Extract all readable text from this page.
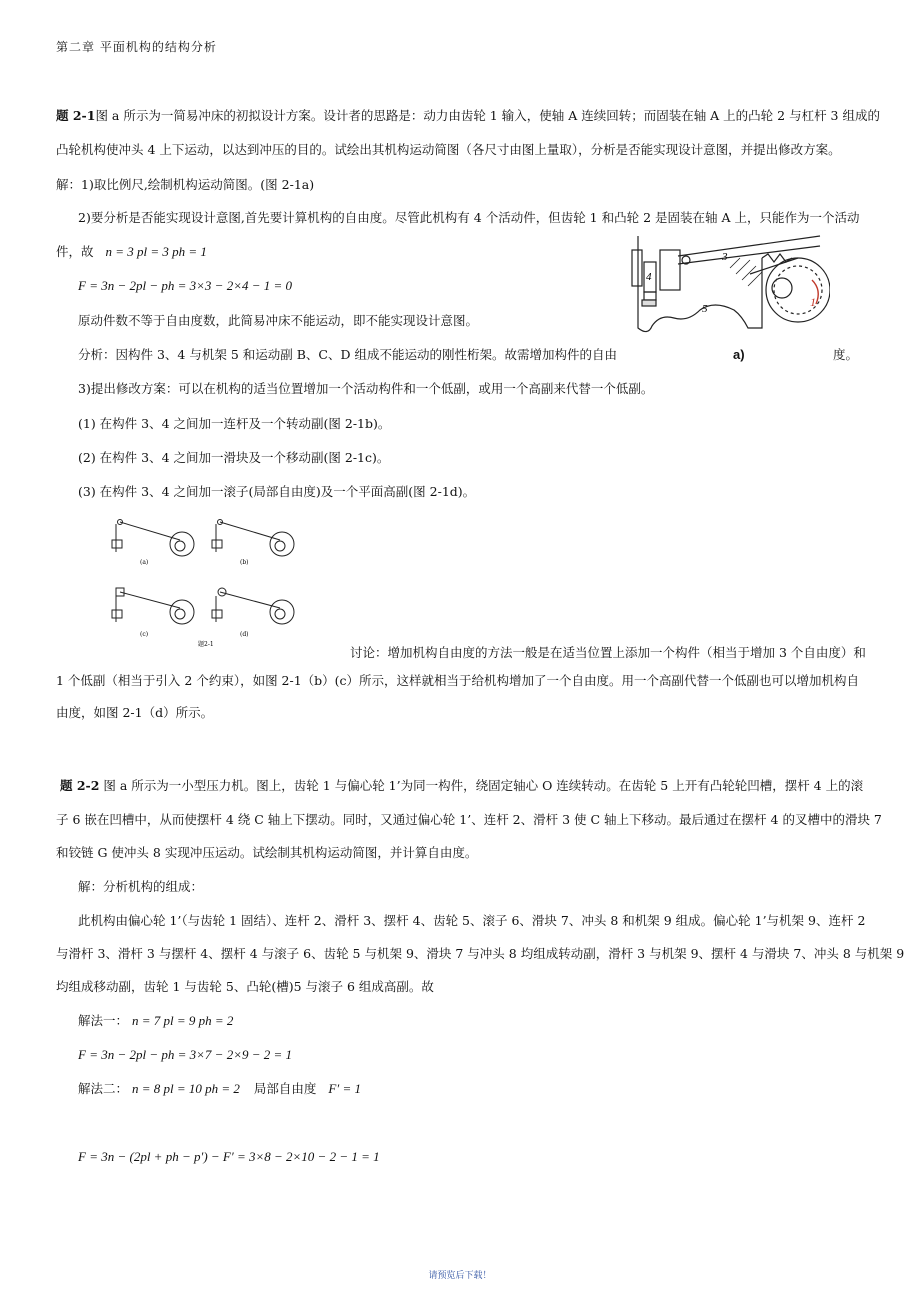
第二章 平面机构的结构分析
题 2-1图 a 所示为一简易冲床的初拟设计方案。设计者的思路是：动力由齿轮 1 输入，使轴 A 连续回转；而固装在轴 A 上的凸轮 2 与杠杆 3 组成的
凸轮机构使冲头 4 上下运动，以达到冲压的目的。试绘出其机构运动简图（各尺寸由图上量取），分析是否能实现设计意图，并提出修改方案。
解：1)取比例尺,绘制机构运动简图。(图 2-1a)
2)要分析是否能实现设计意图,首先要计算机构的自由度。尽管此机构有 4 个活动件，但齿轮 1 和凸轮 2 是固装在轴 A 上，只能作为一个活动
件，故 n = 3 pl = 3 ph = 1
F = 3n − 2pl − ph = 3×3 − 2×4 − 1 = 0
原动件数不等于自由度数，此简易冲床不能运动，即不能实现设计意图。
分析：因构件 3、4 与机架 5 和运动副 B、C、D 组成不能运动的刚性桁架。故需增加构件的自由	度。
3)提出修改方案：可以在机构的适当位置增加一个活动构件和一个低副，或用一个高副来代替一个低副。
(1) 在构件 3、4 之间加一连杆及一个转动副(图 2-1b)。
(2) 在构件 3、4 之间加一滑块及一个移动副(图 2-1c)。
(3) 在构件 3、4 之间加一滚子(局部自由度)及一个平面高副(图 2-1d)。
讨论：增加机构自由度的方法一般是在适当位置上添加一个构件（相当于增加 3 个自由度）和
1 个低副（相当于引入 2 个约束），如图 2-1（b）(c）所示，这样就相当于给机构增加了一个自由度。用一个高副代替一个低副也可以增加机构自
由度，如图 2-1（d）所示。
1
3
4
5
a)
(a)	(b)
(c)	(d)
题2-1
题 2-2 图 a 所示为一小型压力机。图上，齿轮 1 与偏心轮 1’为同一构件，绕固定轴心 O 连续转动。在齿轮 5 上开有凸轮轮凹槽，摆杆 4 上的滚
子 6 嵌在凹槽中，从而使摆杆 4 绕 C 轴上下摆动。同时，又通过偏心轮 1’、连杆 2、滑杆 3 使 C 轴上下移动。最后通过在摆杆 4 的叉槽中的滑块 7
和铰链 G 使冲头 8 实现冲压运动。试绘制其机构运动简图，并计算自由度。
解：分析机构的组成：
此机构由偏心轮 1’（与齿轮 1 固结）、连杆 2、滑杆 3、摆杆 4、齿轮 5、滚子 6、滑块 7、冲头 8 和机架 9 组成。偏心轮 1’与机架 9、连杆 2
与滑杆 3、滑杆 3 与摆杆 4、摆杆 4 与滚子 6、齿轮 5 与机架 9、滑块 7 与冲头 8 均组成转动副，滑杆 3 与机架 9、摆杆 4 与滑块 7、冲头 8 与机架 9
均组成移动副，齿轮 1 与齿轮 5、凸轮(槽)5 与滚子 6 组成高副。故
解法一： n = 7 pl = 9 ph = 2
F = 3n − 2pl − ph = 3×7 − 2×9 − 2 = 1
解法二： n = 8 pl = 10 ph = 2 局部自由度 F′ = 1
F = 3n − (2pl + ph − p′) − F′ = 3×8 − 2×10 − 2 − 1 = 1
请预览后下载！
